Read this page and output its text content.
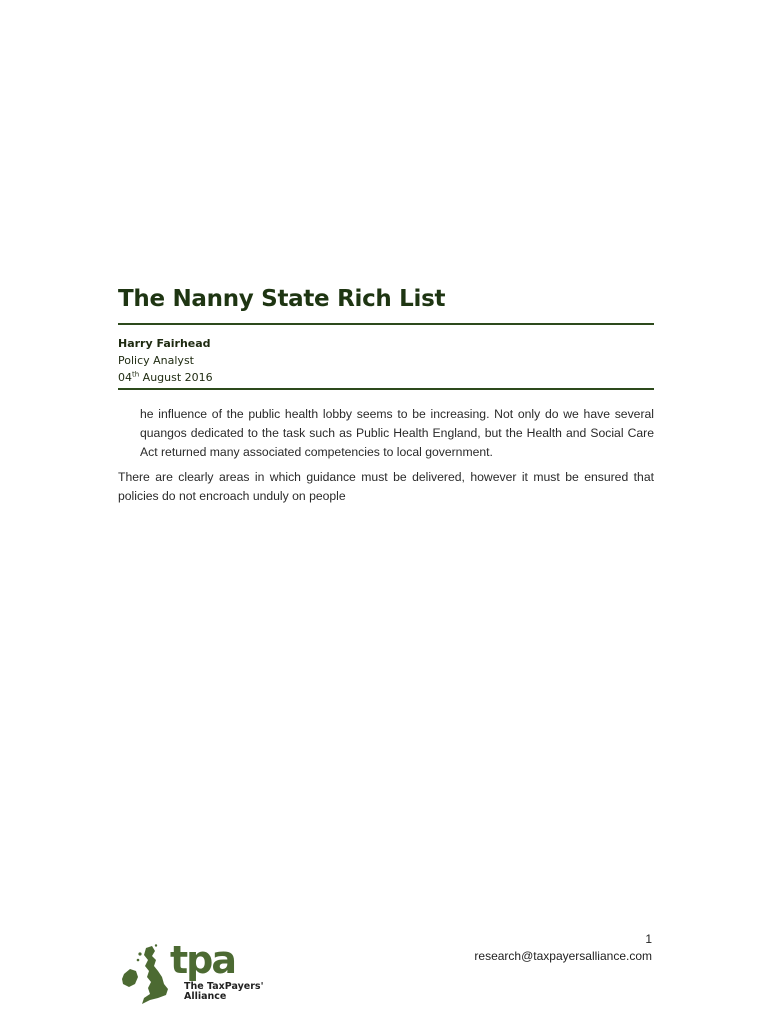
The Nanny State Rich List
Harry Fairhead
Policy Analyst
04th August 2016

he influence of the public health lobby seems to be increasing. Not only do we have several quangos dedicated to the task such as Public Health England, but the Health and Social Care Act returned many associated competencies to local government.

There are clearly areas in which guidance must be delivered, however it must be ensured that policies do not encroach unduly on people

1
research@taxpayersalliance.com
tpa
The TaxPayers'
Alliance
